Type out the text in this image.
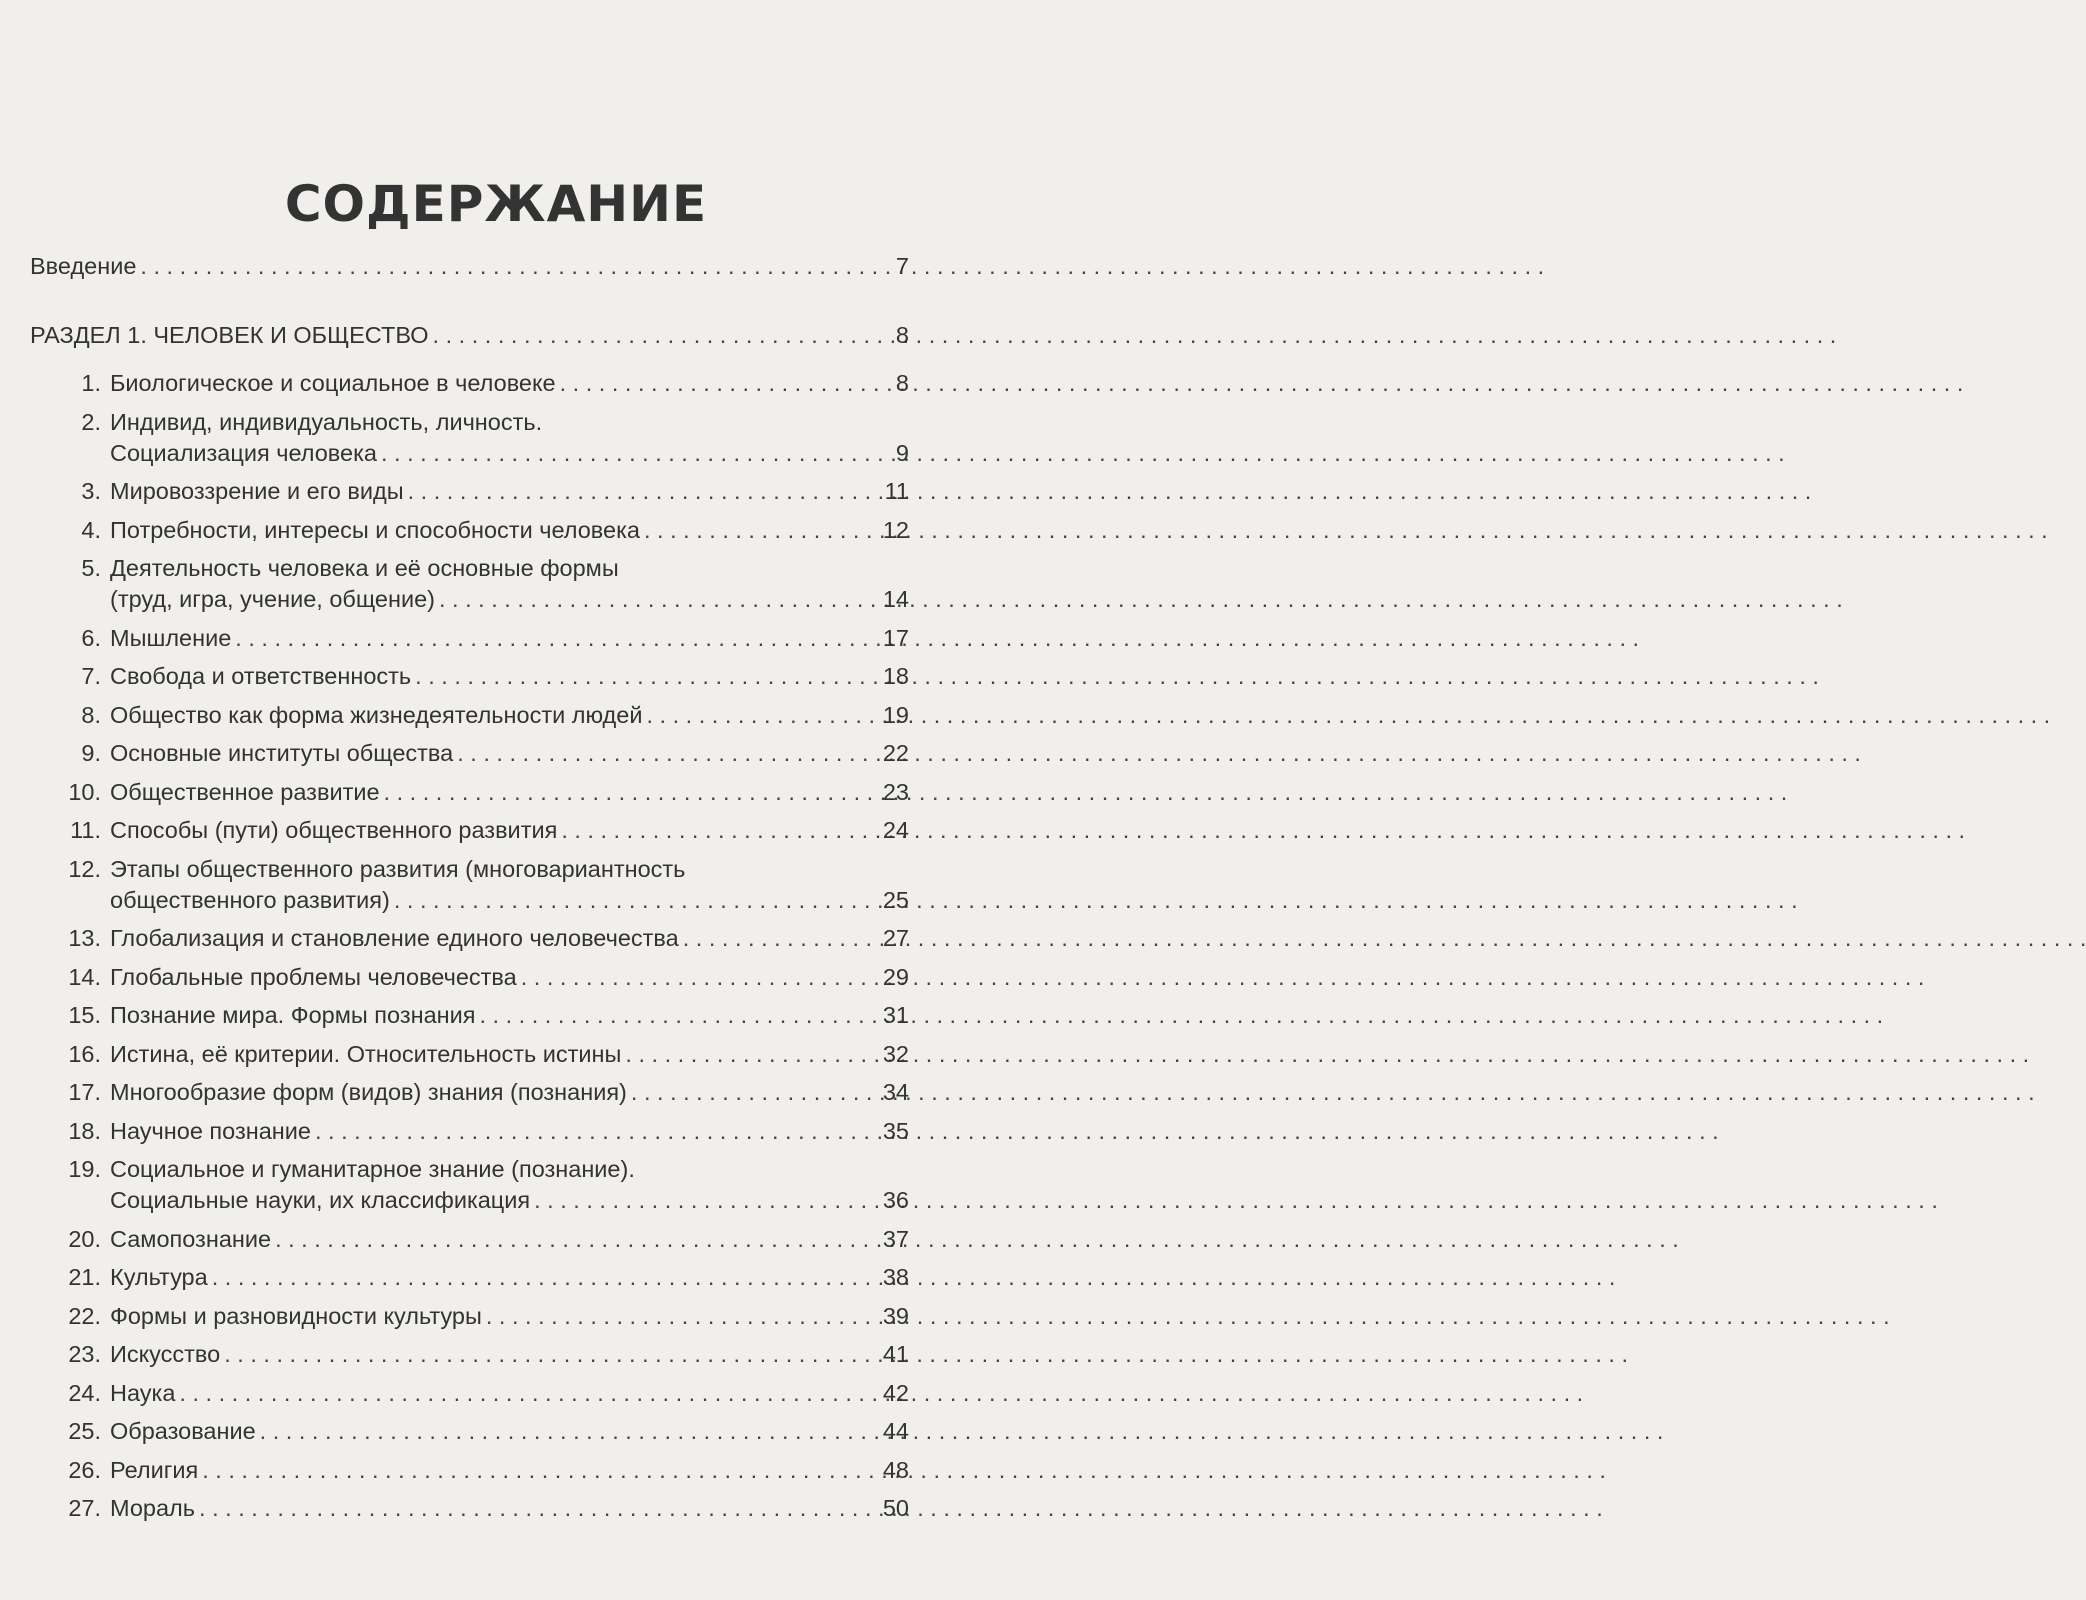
СОДЕРЖАНИЕ
Введение . . .	7
РАЗДЕЛ 1. ЧЕЛОВЕК И ОБЩЕСТВО . . .	8
1. Биологическое и социальное в человеке . . .	8
2. Индивид, индивидуальность, личность.
Социализация человека . . .	9
3. Мировоззрение и его виды . . .	11
4. Потребности, интересы и способности человека . . .	12
5. Деятельность человека и её основные формы
(труд, игра, учение, общение) . . .	14
6. Мышление . . .	17
7. Свобода и ответственность . . .	18
8. Общество как форма жизнедеятельности людей . . .	19
9. Основные институты общества . . .	22
10. Общественное развитие . . .	23
11. Способы (пути) общественного развития . . .	24
12. Этапы общественного развития (многовариантность
общественного развития) . . .	25
13. Глобализация и становление единого человечества . . .	27
14. Глобальные проблемы человечества . . .	29
15. Познание мира. Формы познания . . .	31
16. Истина, её критерии. Относительность истины . . .	32
17. Многообразие форм (видов) знания (познания) . . .	34
18. Научное познание . . .	35
19. Социальное и гуманитарное знание (познание).
Социальные науки, их классификация . . .	36
20. Самопознание . . .	37
21. Культура . . .	38
22. Формы и разновидности культуры . . .	39
23. Искусство . . .	41
24. Наука . . .	42
25. Образование . . .	44
26. Религия . . .	48
27. Мораль . . .	50
